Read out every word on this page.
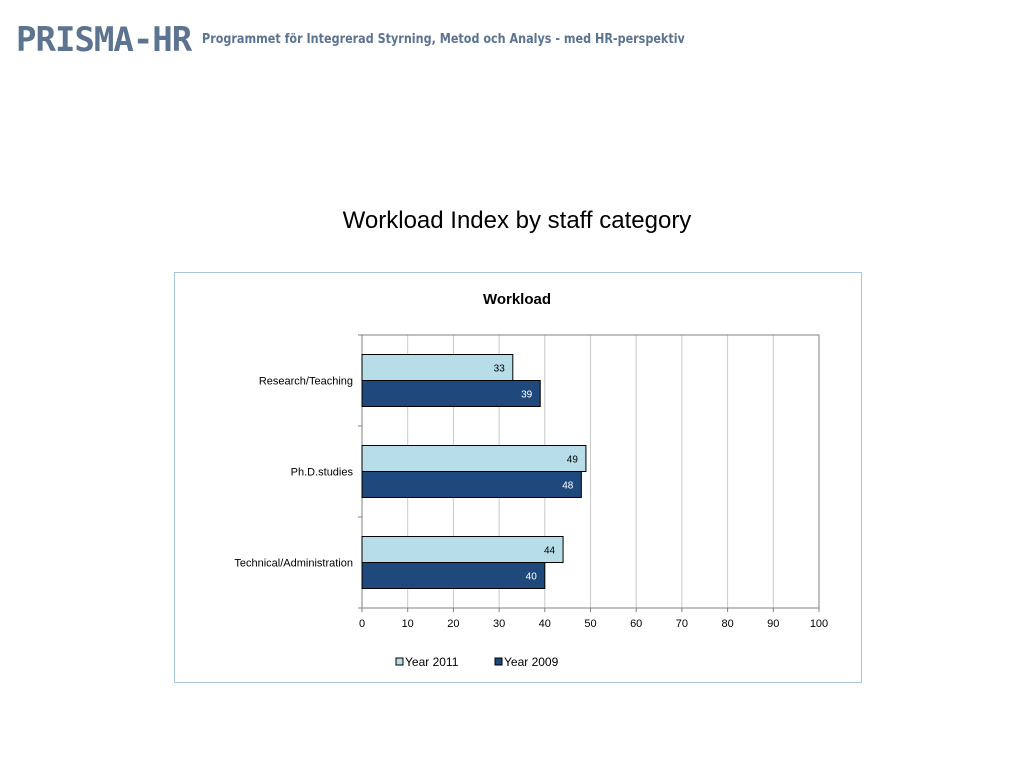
PRISMA-HR Programmet för Integrerad Styrning, Metod och Analys - med HR-perspektiv
Workload Index by staff category
Workload
Research/Teaching
33
39
Ph.D.studies
49
48
Technical/Administration
44
40
0	10	20	30	40	50	60	70	80	90	100
Year 2011	Year 2009
